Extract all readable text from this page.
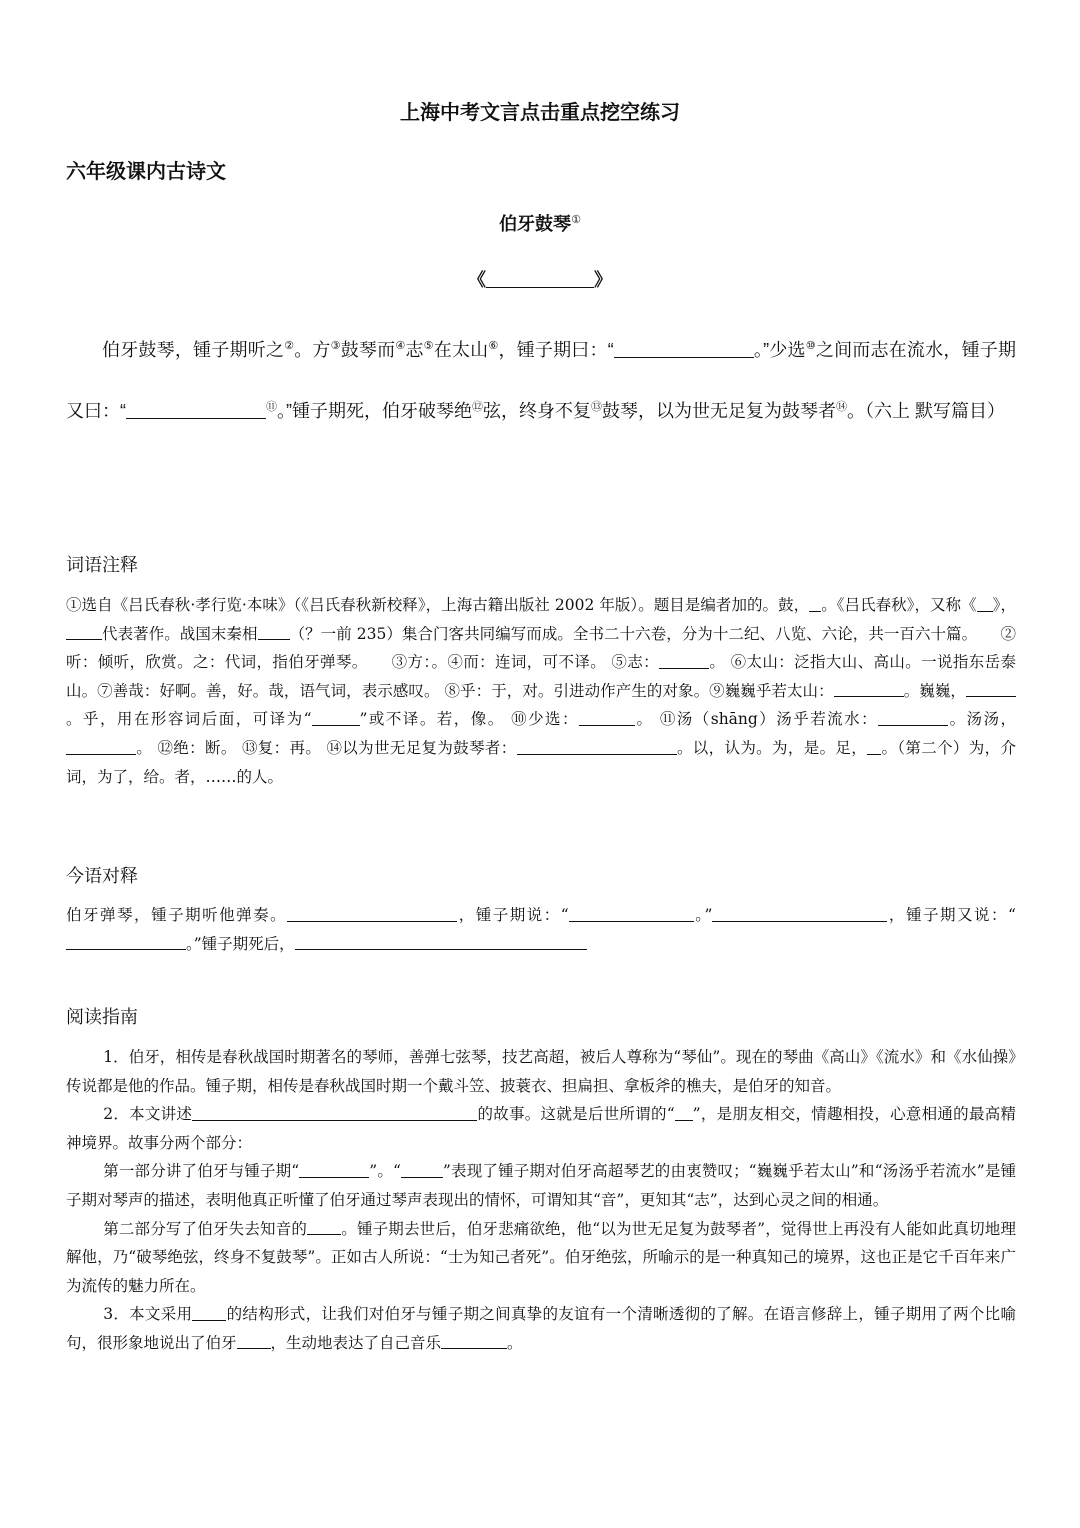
上海中考文言点击重点挖空练习
六年级课内古诗文
伯牙鼓琴①
《	》
伯牙鼓琴，锺子期听之②。方③鼓琴而④志⑤在太山⑥，锺子期曰：“	。”少选⑩之间而志在流水，锺子期又曰：“	⑪。”锺子期死，伯牙破琴绝⑫弦，终身不复⑬鼓琴，以为世无足复为鼓琴者⑭。（六上 默写篇目）
词语注释
①选自《吕氏春秋·孝行览·本味》（《吕氏春秋新校释》，上海古籍出版社 2002 年版）。题目是编者加的。鼓， 。《吕氏春秋》，又称《 》，代表著作。战国末秦相 （？一前 235）集合门客共同编写而成。全书二十六卷，分为十二纪、八览、六论，共一百六十篇。　　②听：倾听，欣赏。之：代词，指伯牙弹琴。　　③方：。④而：连词，可不译。 ⑤志：	。 ⑥太山：泛指大山、高山。一说指东岳泰山。⑦善哉：好啊。善，好。哉，语气词，表示感叹。 ⑧乎：于，对。引进动作产生的对象。⑨巍巍乎若太山：	。巍巍，。乎，用在形容词后面，可译为“	”或不译。若，像。 ⑩少选：	。 ⑪汤（shāng）汤乎若流水：	。汤汤，。 ⑫绝：断。 ⑬复：再。 ⑭以为世无足复为鼓琴者：	。以，认为。为，是。足， 。（第二个）为，介词，为了，给。者，……的人。
今语对释
伯牙弹琴，锺子期听他弹奏。	，锺子期说：“	。”	，锺子期又说：“。”锺子期死后，
阅读指南

1．伯牙，相传是春秋战国时期著名的琴师，善弹七弦琴，技艺高超，被后人尊称为“琴仙”。现在的琴曲《高山》《流水》和《水仙操》传说都是他的作品。锺子期，相传是春秋战国时期一个戴斗笠、披蓑衣、担扁担、拿板斧的樵夫，是伯牙的知音。

2．本文讲述	的故事。这就是后世所谓的“ ”，是朋友相交，情趣相投，心意相通的最高精神境界。故事分两个部分：

第一部分讲了伯牙与锺子期“	”。“	”表现了锺子期对伯牙高超琴艺的由衷赞叹；“巍巍乎若太山”和“汤汤乎若流水”是锺子期对琴声的描述，表明他真正听懂了伯牙通过琴声表现出的情怀，可谓知其“音”，更知其“志”，达到心灵之间的相通。

第二部分写了伯牙失去知音的 。锺子期去世后，伯牙悲痛欲绝，他“以为世无足复为鼓琴者”，觉得世上再没有人能如此真切地理解他，乃“破琴绝弦，终身不复鼓琴”。正如古人所说：“士为知己者死”。伯牙绝弦，所喻示的是一种真知己的境界，这也正是它千百年来广为流传的魅力所在。

3．本文采用 的结构形式，让我们对伯牙与锺子期之间真挚的友谊有一个清晰透彻的了解。在语言修辞上，锺子期用了两个比喻句，很形象地说出了伯牙 ，生动地表达了自己音乐	。
